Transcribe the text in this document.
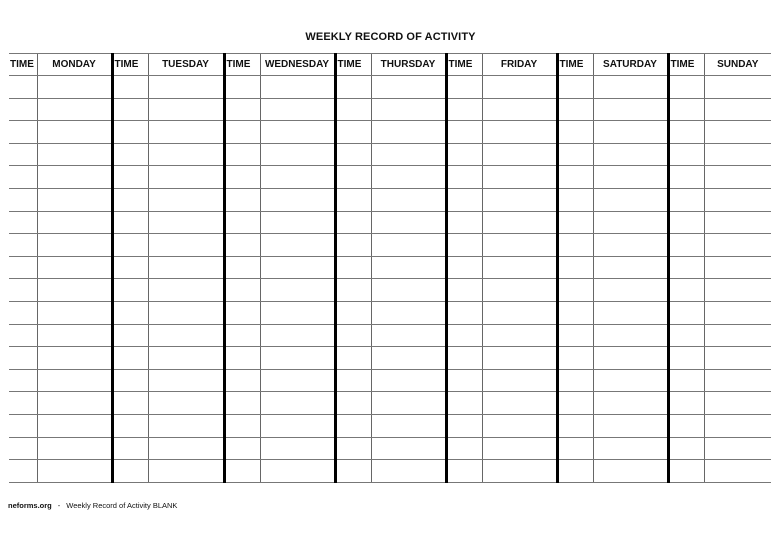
WEEKLY RECORD OF ACTIVITY
TIME	MONDAY	TIME	TUESDAY	TIME	WEDNESDAY	TIME	THURSDAY	TIME	FRIDAY	TIME	SATURDAY	TIME	SUNDAY

neforms.org - Weekly Record of Activity BLANK
